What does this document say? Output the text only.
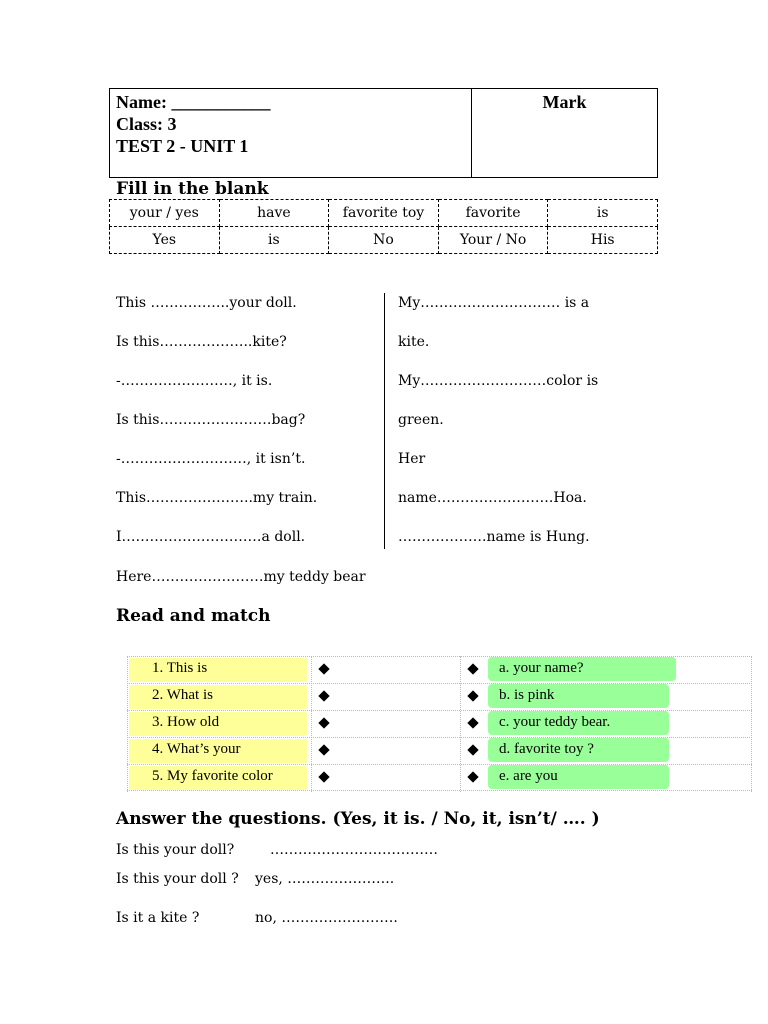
Name: ___________
Class: 3
TEST 2 - UNIT 1
Mark
Fill in the blank
your / yes	have	favorite toy	favorite	is
Yes	is	No	Your / No	His
This ……………..your doll.
Is this………………..kite?
-……………………, it is.
Is this……………………bag?
-………………………, it isn’t.
This…………………..my train.
I…………………………a doll.
Here……………………my teddy bear
My………………………… is a
kite.
My………………………color is
green.
Her
name…………………….Hoa.
……………….name is Hung.
Read and match
1. This is	a. your name?
2. What is	b. is pink
3. How old	c. your teddy bear.
4. What’s your	d. favorite toy ?
5. My favorite color	e. are you
Answer the questions. (Yes, it is. / No, it, isn’t/ …. )
Is this your doll?	………………………………
Is this your doll ? yes, …………………..
Is it a kite ?	no, …………………….
